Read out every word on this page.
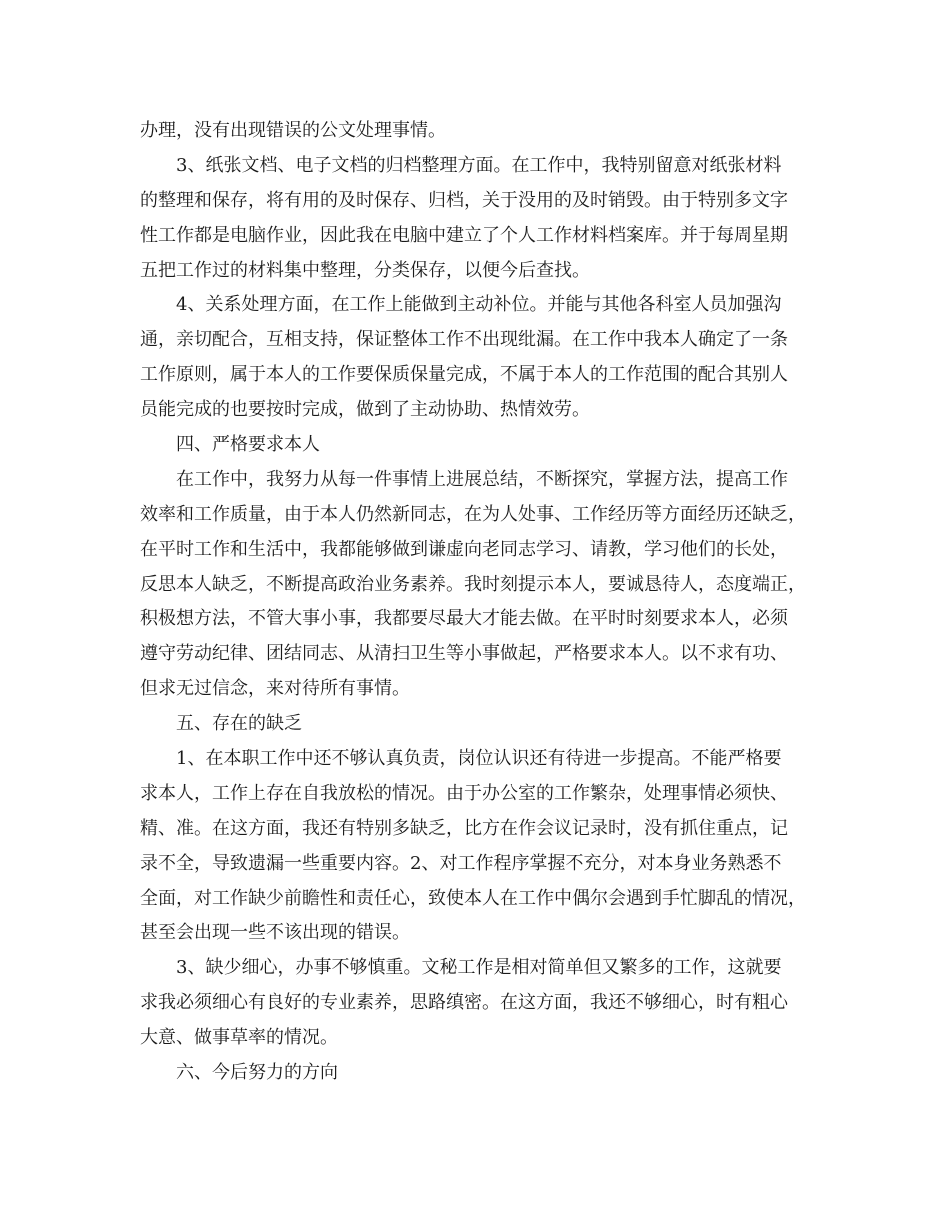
办理，没有出现错误的公文处理事情。
3、纸张文档、电子文档的归档整理方面。在工作中，我特别留意对纸张材料
的整理和保存，将有用的及时保存、归档，关于没用的及时销毁。由于特别多文字
性工作都是电脑作业，因此我在电脑中建立了个人工作材料档案库。并于每周星期
五把工作过的材料集中整理，分类保存，以便今后查找。
4、关系处理方面，在工作上能做到主动补位。并能与其他各科室人员加强沟
通，亲切配合，互相支持，保证整体工作不出现纰漏。在工作中我本人确定了一条
工作原则，属于本人的工作要保质保量完成，不属于本人的工作范围的配合其别人
员能完成的也要按时完成，做到了主动协助、热情效劳。
四、严格要求本人
在工作中，我努力从每一件事情上进展总结，不断探究，掌握方法，提高工作
效率和工作质量，由于本人仍然新同志，在为人处事、工作经历等方面经历还缺乏，
在平时工作和生活中，我都能够做到谦虚向老同志学习、请教，学习他们的长处，
反思本人缺乏，不断提高政治业务素养。我时刻提示本人，要诚恳待人，态度端正，
积极想方法，不管大事小事，我都要尽最大才能去做。在平时时刻要求本人，必须
遵守劳动纪律、团结同志、从清扫卫生等小事做起，严格要求本人。以不求有功、
但求无过信念，来对待所有事情。
五、存在的缺乏
1、在本职工作中还不够认真负责，岗位认识还有待进一步提高。不能严格要
求本人，工作上存在自我放松的情况。由于办公室的工作繁杂，处理事情必须快、
精、准。在这方面，我还有特别多缺乏，比方在作会议记录时，没有抓住重点，记
录不全，导致遗漏一些重要内容。2、对工作程序掌握不充分，对本身业务熟悉不
全面，对工作缺少前瞻性和责任心，致使本人在工作中偶尔会遇到手忙脚乱的情况，
甚至会出现一些不该出现的错误。
3、缺少细心，办事不够慎重。文秘工作是相对简单但又繁多的工作，这就要
求我必须细心有良好的专业素养，思路缜密。在这方面，我还不够细心，时有粗心
大意、做事草率的情况。
六、今后努力的方向
